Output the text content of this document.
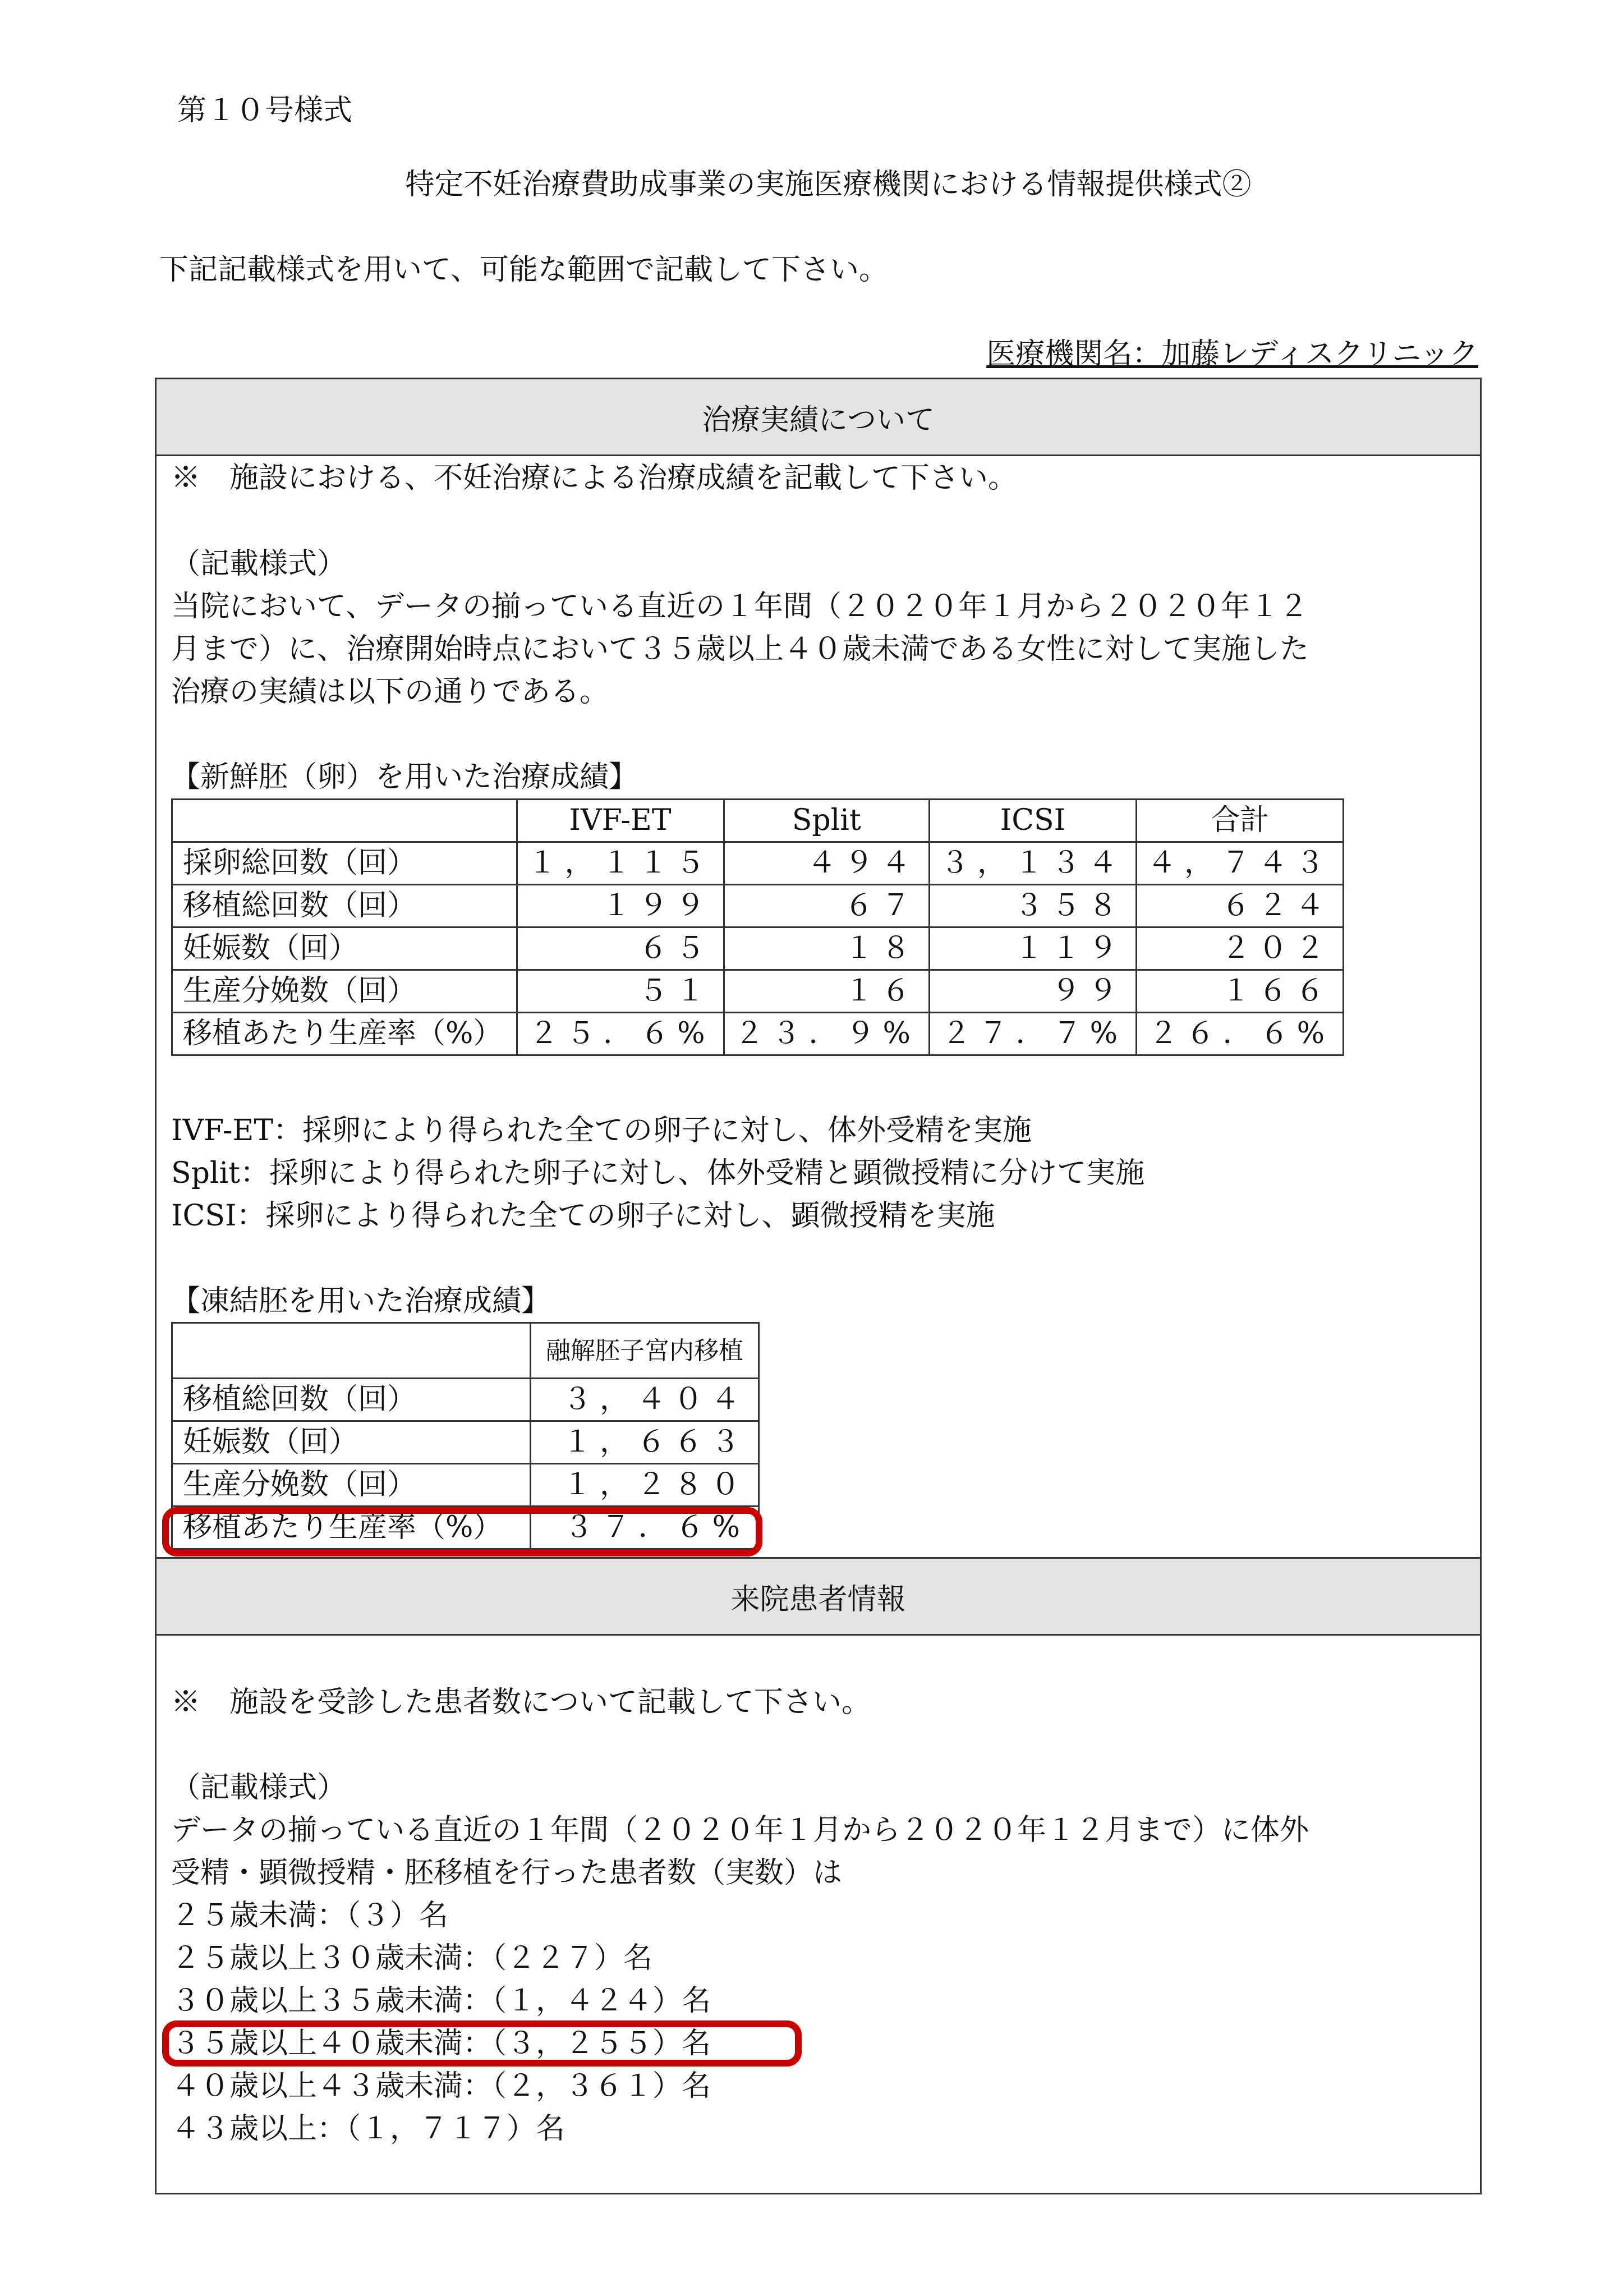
第１０号様式
特定不妊治療費助成事業の実施医療機関における情報提供様式②
下記記載様式を用いて、可能な範囲で記載して下さい。
医療機関名：加藤レディスクリニック
治療実績について
※　施設における、不妊治療による治療成績を記載して下さい。
（記載様式）
当院において、データの揃っている直近の１年間（２０２０年１月から２０２０年１２
月まで）に、治療開始時点において３５歳以上４０歳未満である女性に対して実施した
治療の実績は以下の通りである。
【新鮮胚（卵）を用いた治療成績】
	IVF-ET	Split	ICSI	合計
採卵総回数（回）	１，１１５	４９４	３，１３４	４，７４３
移植総回数（回）	１９９	６７	３５８	６２４
妊娠数（回）	６５	１８	１１９	２０２
生産分娩数（回）	５１	１６	９９	１６６
移植あたり生産率（%）	２５．６%	２３．９%	２７．７%	２６．６%
IVF-ET：採卵により得られた全ての卵子に対し、体外受精を実施
Split：採卵により得られた卵子に対し、体外受精と顕微授精に分けて実施
ICSI：採卵により得られた全ての卵子に対し、顕微授精を実施
【凍結胚を用いた治療成績】
	融解胚子宮内移植
移植総回数（回）	３，４０４
妊娠数（回）	１，６６３
生産分娩数（回）	１，２８０
移植あたり生産率（%）	３７．６%
来院患者情報
※　施設を受診した患者数について記載して下さい。
（記載様式）
データの揃っている直近の１年間（２０２０年１月から２０２０年１２月まで）に体外
受精・顕微授精・胚移植を行った患者数（実数）は
２５歳未満：（３）名
２５歳以上３０歳未満：（２２７）名
３０歳以上３５歳未満：（１，４２４）名
３５歳以上４０歳未満：（３，２５５）名
４０歳以上４３歳未満：（２，３６１）名
４３歳以上：（１，７１７）名
